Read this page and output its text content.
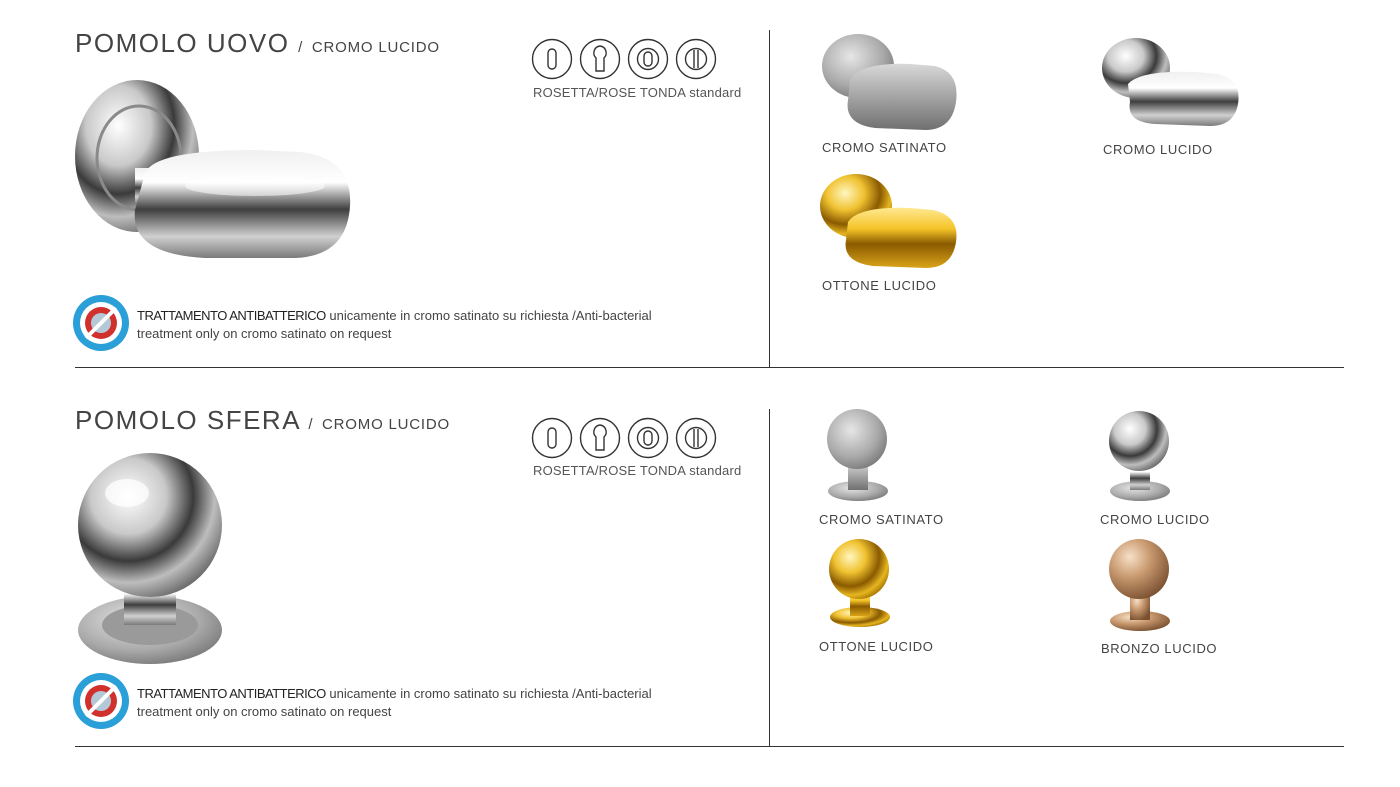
POMOLO UOVO / CROMO LUCIDO
ROSETTA/ROSE TONDA standard
TRATTAMENTO ANTIBATTERICO unicamente in cromo satinato su richiesta /Anti-bacterial treatment only on cromo satinato on request
CROMO SATINATO	CROMO LUCIDO
OTTONE LUCIDO
POMOLO SFERA / CROMO LUCIDO
ROSETTA/ROSE TONDA standard
TRATTAMENTO ANTIBATTERICO unicamente in cromo satinato su richiesta /Anti-bacterial treatment only on cromo satinato on request
CROMO SATINATO	CROMO LUCIDO
OTTONE LUCIDO	BRONZO LUCIDO
